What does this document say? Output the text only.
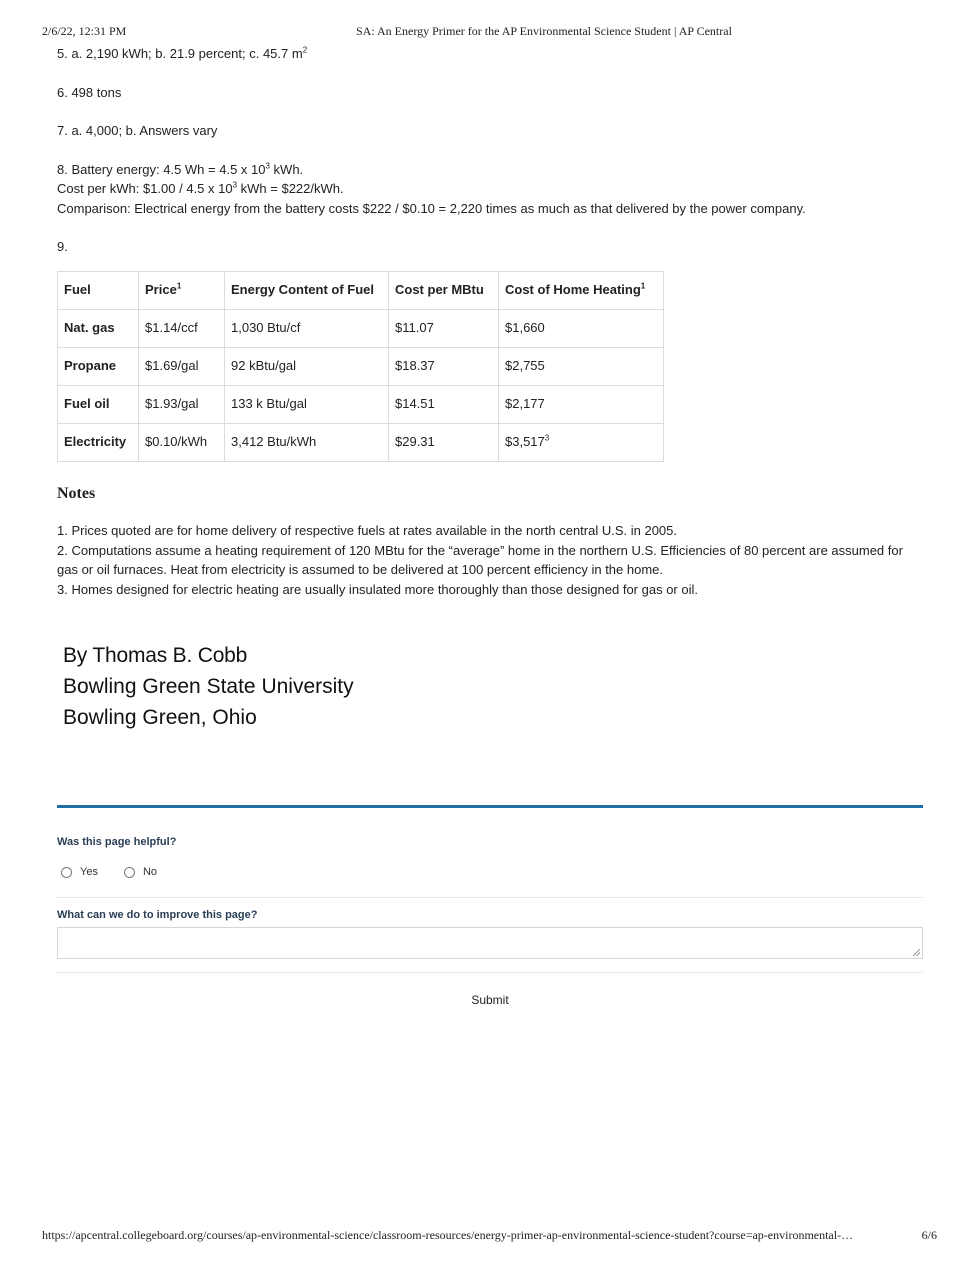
2/6/22, 12:31 PM	SA: An Energy Primer for the AP Environmental Science Student | AP Central

5. a. 2,190 kWh; b. 21.9 percent; c. 45.7 $m^2$

6. 498 tons

7. a. 4,000; b. Answers vary

8. Battery energy: 4.5 Wh = 4.5 x $10^3$ kWh.

Cost per kWh: $1.00 / 4.5 x $10^3$ kWh = $222/kWh.

Comparison: Electrical energy from the battery costs $222 / $0.10 = 2,220 times as much as that delivered by the power company.

9.

Fuel	Price$^1$	Energy Content of Fuel	Cost per MBtu	Cost of Home Heating$^1$
Nat. gas	$1.14/ccf	1,030 Btu/cf	$11.07	$1,660
Propane	$1.69/gal	92 kBtu/gal	$18.37	$2,755
Fuel oil	$1.93/gal	133 k Btu/gal	$14.51	$2,177
Electricity	$0.10/kWh	3,412 Btu/kWh	$29.31	$3,517$^3$
Notes

1. Prices quoted are for home delivery of respective fuels at rates available in the north central U.S. in 2005.

2. Computations assume a heating requirement of 120 MBtu for the “average” home in the northern U.S. Efficiencies of 80 percent are assumed for gas or oil furnaces. Heat from electricity is assumed to be delivered at 100 percent efficiency in the home.

3. Homes designed for electric heating are usually insulated more thoroughly than those designed for gas or oil.

By Thomas B. Cobb
Bowling Green State University
Bowling Green, Ohio
Was this page helpful?
Yes	No
What can we do to improve this page?
Submit
https://apcentral.collegeboard.org/courses/ap-environmental-science/classroom-resources/energy-primer-ap-environmental-science-student?course=ap-environmental-…	6/6
